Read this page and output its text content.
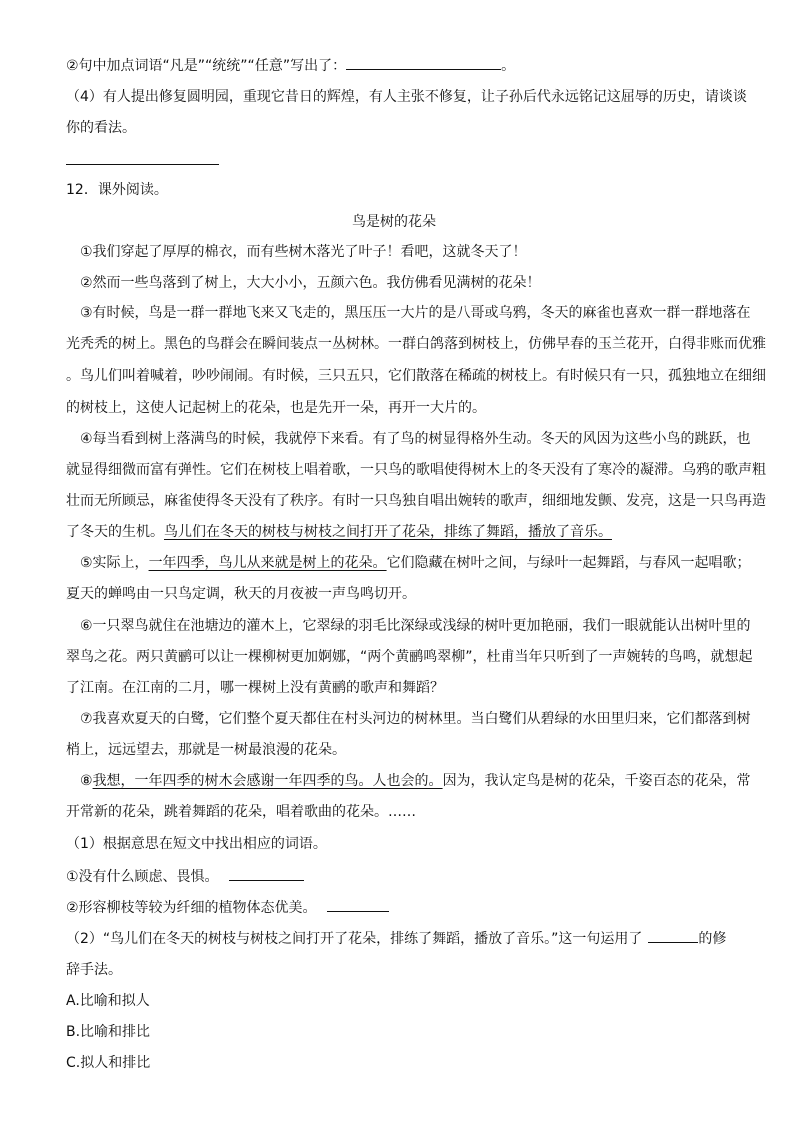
②句中加点词语“凡是”“统统”“任意”写出了：	。
（4）有人提出修复圆明园，重现它昔日的辉煌，有人主张不修复，让子孙后代永远铭记这屈辱的历史，请谈谈
你的看法。
12．课外阅读。
鸟是树的花朵
①我们穿起了厚厚的棉衣，而有些树木落光了叶子！看吧，这就冬天了！
②然而一些鸟落到了树上，大大小小，五颜六色。我仿佛看见满树的花朵！
③有时候，鸟是一群一群地飞来又飞走的，黑压压一大片的是八哥或乌鸦，冬天的麻雀也喜欢一群一群地落在
光秃秃的树上。黑色的鸟群会在瞬间装点一丛树林。一群白鸽落到树枝上，仿佛早春的玉兰花开，白得非账而优雅
。鸟儿们叫着喊着，吵吵闹闹。有时候，三只五只，它们散落在稀疏的树枝上。有时候只有一只，孤独地立在细细
的树枝上，这使人记起树上的花朵，也是先开一朵，再开一大片的。
④每当看到树上落满鸟的时候，我就停下来看。有了鸟的树显得格外生动。冬天的风因为这些小鸟的跳跃，也
就显得细微而富有弹性。它们在树枝上唱着歌，一只鸟的歌唱使得树木上的冬天没有了寒冷的凝滞。乌鸦的歌声粗
壮而无所顾忌，麻雀使得冬天没有了秩序。有时一只鸟独自唱出婉转的歌声，细细地发颤、发亮，这是一只鸟再造
了冬天的生机。鸟儿们在冬天的树枝与树枝之间打开了花朵，排练了舞蹈，播放了音乐。
⑤实际上，一年四季，鸟儿从来就是树上的花朵。它们隐藏在树叶之间，与绿叶一起舞蹈，与春风一起唱歌；
夏天的蝉鸣由一只鸟定调，秋天的月夜被一声鸟鸣切开。
⑥一只翠鸟就住在池塘边的灌木上，它翠绿的羽毛比深绿或浅绿的树叶更加艳丽，我们一眼就能认出树叶里的
翠鸟之花。两只黄鹂可以让一棵柳树更加婀娜，“两个黄鹂鸣翠柳”，杜甫当年只听到了一声婉转的鸟鸣，就想起
了江南。在江南的二月，哪一棵树上没有黄鹂的歌声和舞蹈？
⑦我喜欢夏天的白鹭，它们整个夏天都住在村头河边的树林里。当白鹭们从碧绿的水田里归来，它们都落到树
梢上，远远望去，那就是一树最浪漫的花朵。
⑧我想，一年四季的树木会感谢一年四季的鸟。人也会的。因为，我认定鸟是树的花朵，千姿百态的花朵，常
开常新的花朵，跳着舞蹈的花朵，唱着歌曲的花朵。……
（1）根据意思在短文中找出相应的词语。
①没有什么顾虑、畏惧。
②形容柳枝等较为纤细的植物体态优美。
（2）“鸟儿们在冬天的树枝与树枝之间打开了花朵，排练了舞蹈，播放了音乐。”这一句运用了	的修
辞手法。
A.比喻和拟人
B.比喻和排比
C.拟人和排比
